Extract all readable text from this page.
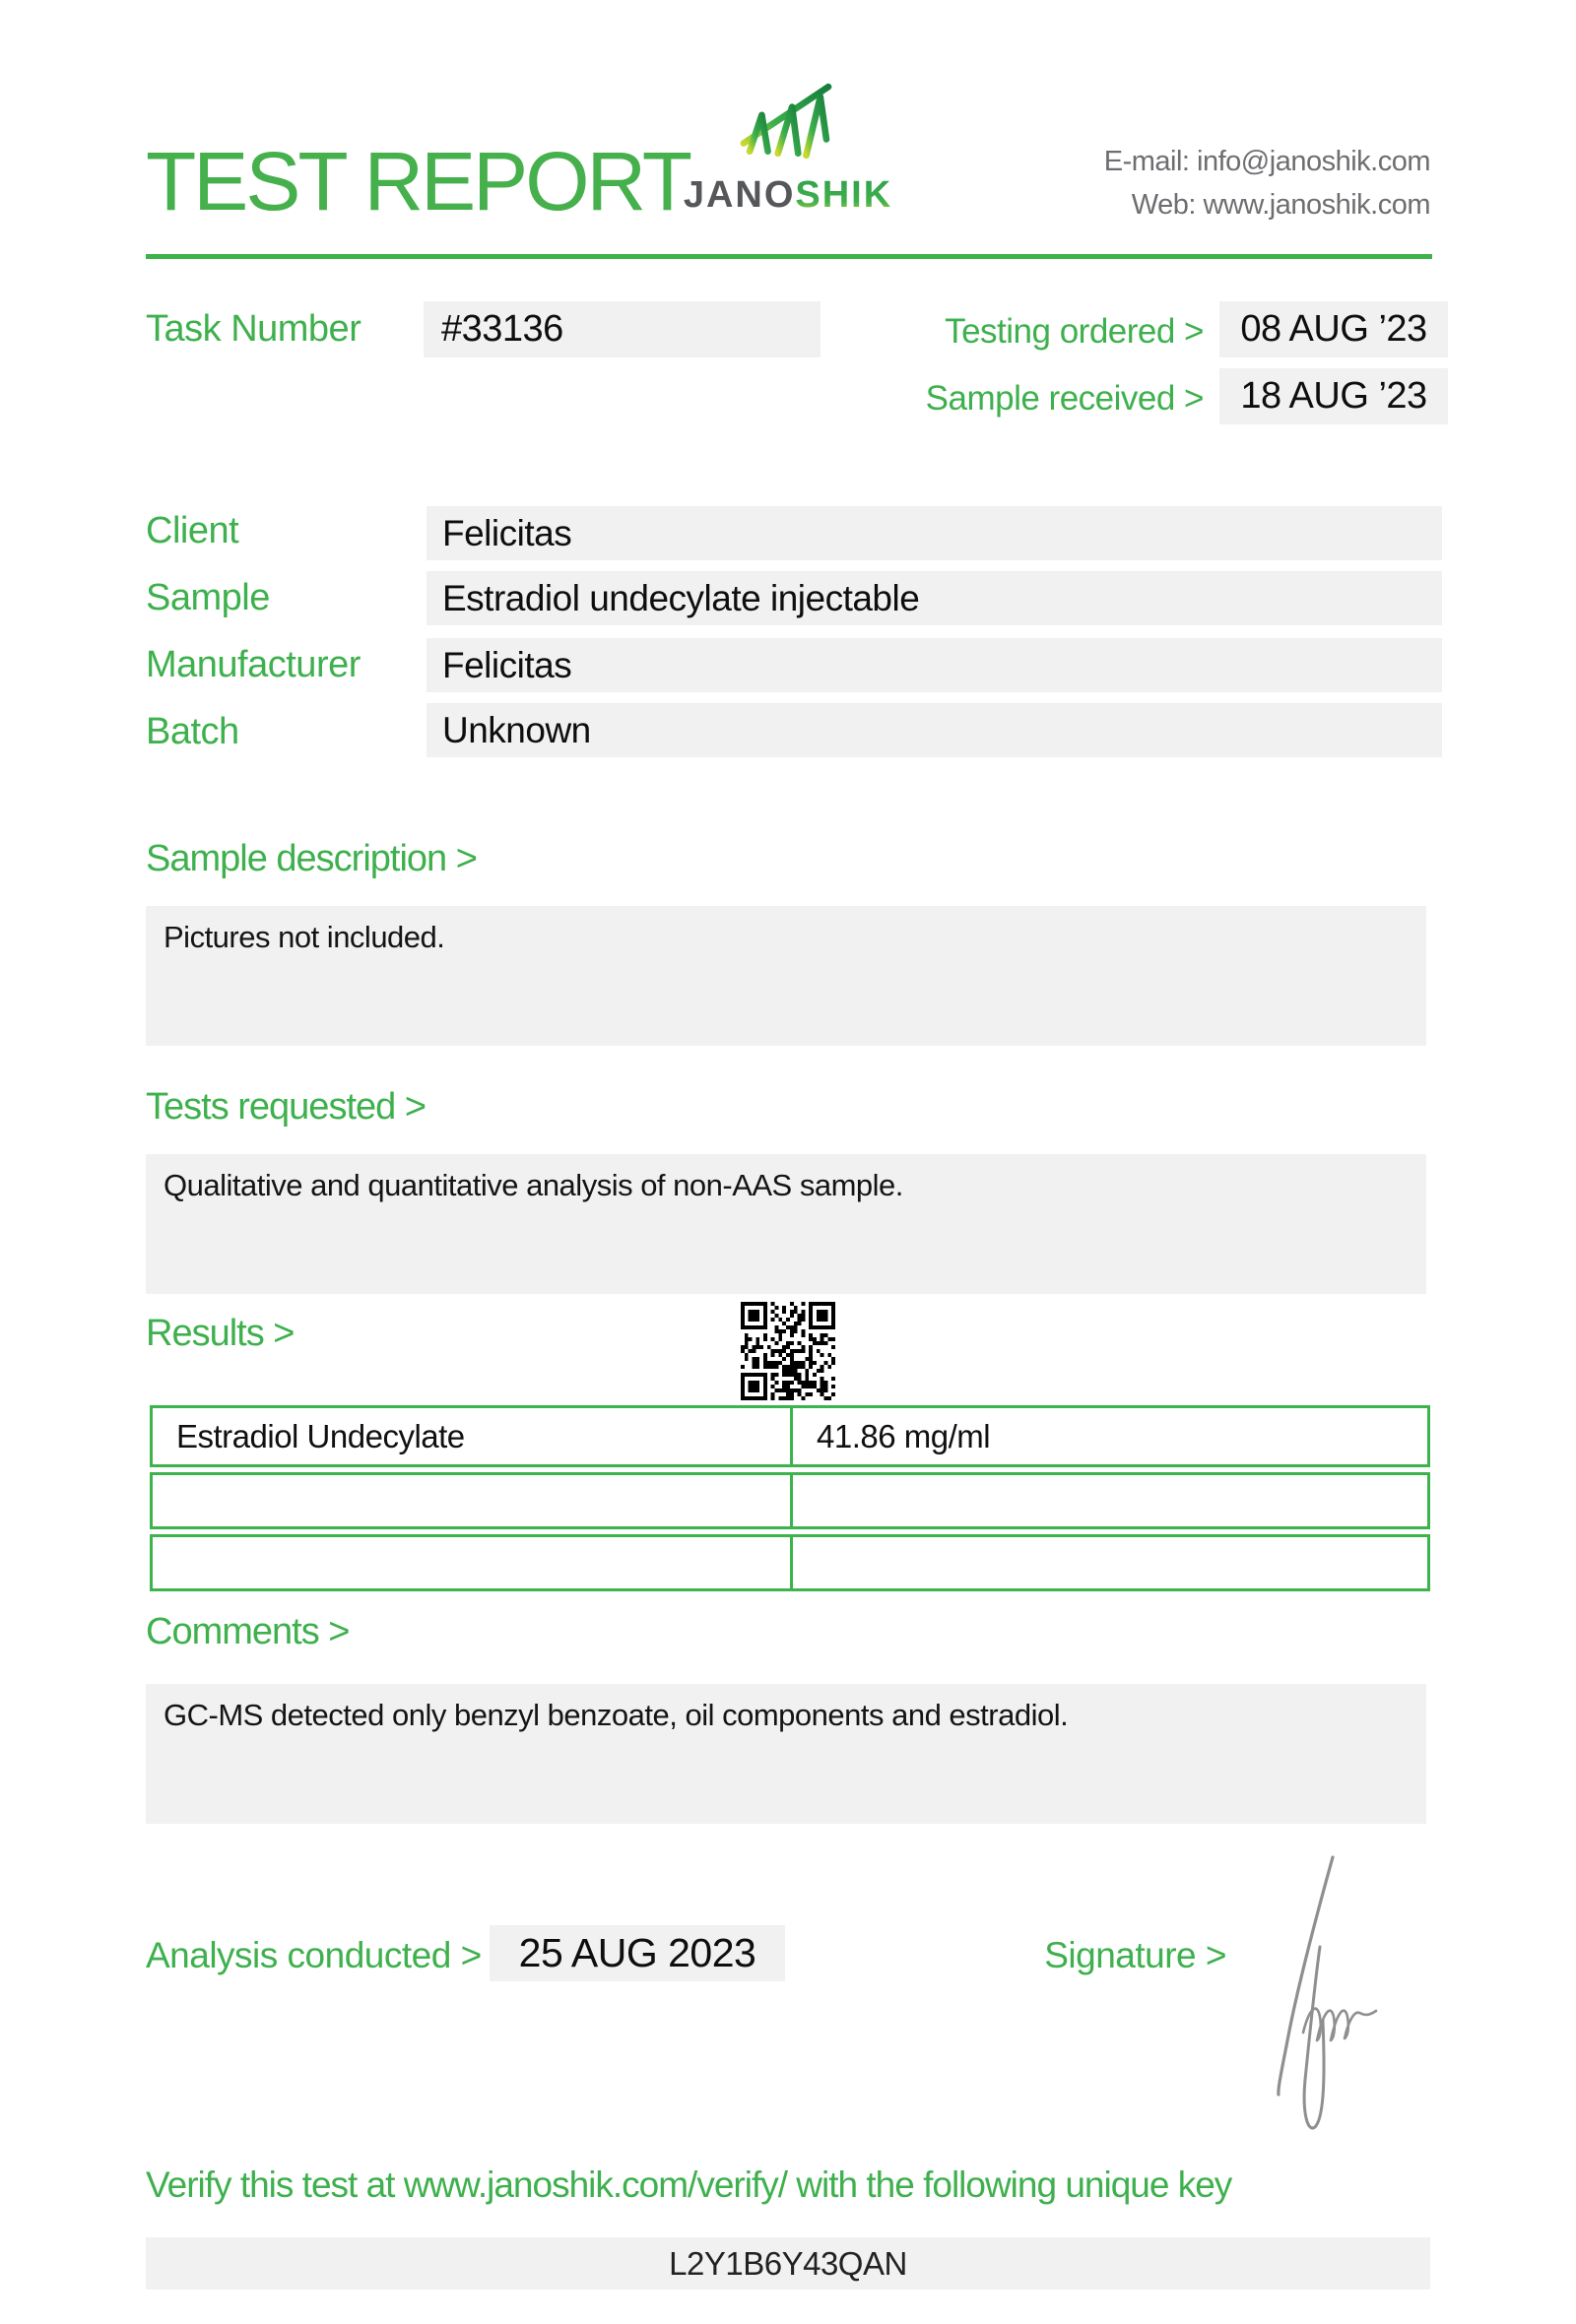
TEST REPORT
JANOSHIK
E-mail: info@janoshik.com
Web: www.janoshik.com
Task Number	#33136	Testing ordered > 08 AUG ’23
Sample received > 18 AUG ’23
Client	Felicitas
Sample	Estradiol undecylate injectable
Manufacturer	Felicitas
Batch	Unknown
Sample description >
Pictures not included.
Tests requested >
Qualitative and quantitative analysis of non-AAS sample.
Results >
Estradiol Undecylate	41.86 mg/ml
Comments >
GC-MS detected only benzyl benzoate, oil components and estradiol.
Analysis conducted > 25 AUG 2023	Signature >
Verify this test at www.janoshik.com/verify/ with the following unique key
L2Y1B6Y43QAN
